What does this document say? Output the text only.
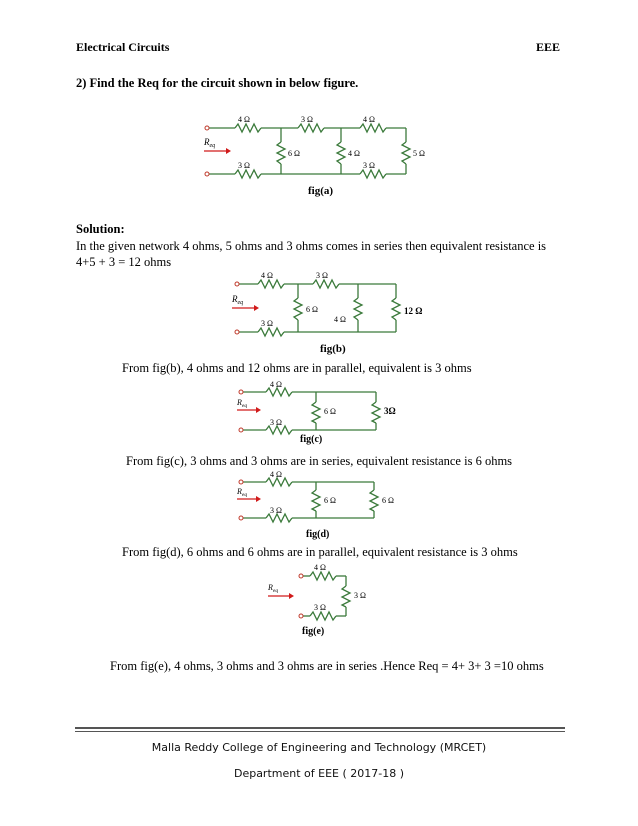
Electrical Circuits	EEE
2) Find the Req for the circuit shown in below figure.
$R_{eq}$
4 Ω	3 Ω	4 Ω
6 Ω	4 Ω	5 Ω
3 Ω	3 Ω
fig(a)
Solution:
In the given network 4 ohms, 5 ohms and 3 ohms comes in series then equivalent resistance is
4+5 + 3 = 12 ohms
$R_{eq}$
4 Ω	3 Ω
6 Ω
4 Ω
12 Ω
3 Ω
fig(b)
From fig(b), 4 ohms and 12 ohms are in parallel, equivalent is 3 ohms
$R_{eq}$
4 Ω
6 Ω	3Ω
3 Ω
fig(c)
From fig(c), 3 ohms and 3 ohms are in series, equivalent resistance is 6 ohms
$R_{eq}$
4 Ω
6 Ω	6 Ω
3 Ω
fig(d)
From fig(d), 6 ohms and 6 ohms are in parallel, equivalent resistance is 3 ohms
$R_{eq}$
4 Ω
3 Ω
3 Ω
fig(e)
From fig(e), 4 ohms, 3 ohms and 3 ohms are in series .Hence Req = 4+ 3+ 3 =10 ohms
Malla Reddy College of Engineering and Technology (MRCET)
Department of EEE ( 2017-18 )
